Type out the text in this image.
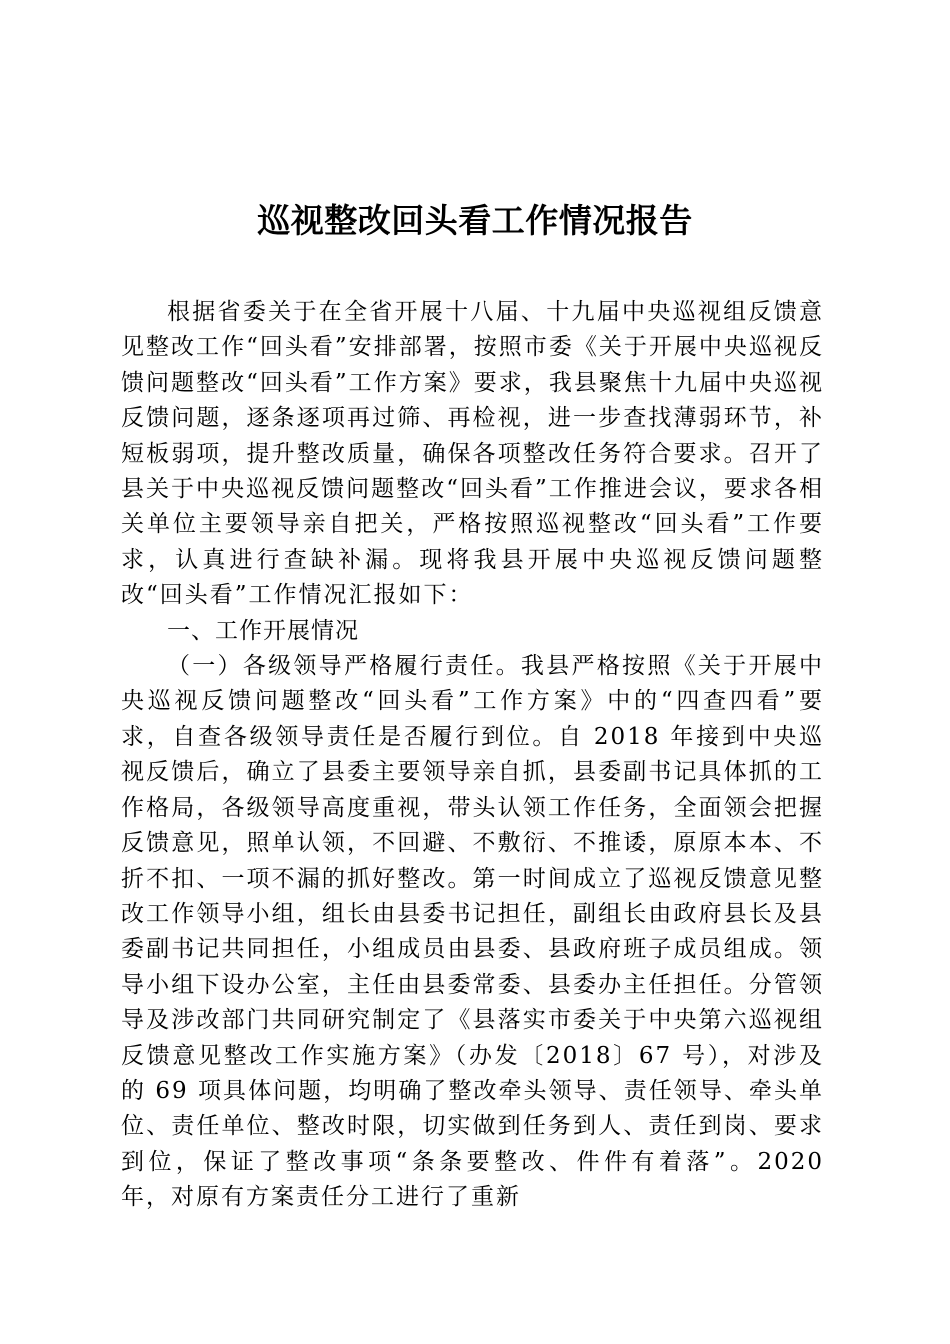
巡视整改回头看工作情况报告

根据省委关于在全省开展十八届、十九届中央巡视组反馈意见整改工作“回头看”安排部署，按照市委《关于开展中央巡视反馈问题整改“回头看”工作方案》要求，我县聚焦十九届中央巡视反馈问题，逐条逐项再过筛、再检视，进一步查找薄弱环节，补短板弱项，提升整改质量，确保各项整改任务符合要求。召开了县关于中央巡视反馈问题整改“回头看”工作推进会议，要求各相关单位主要领导亲自把关，严格按照巡视整改“回头看”工作要求，认真进行查缺补漏。现将我县开展中央巡视反馈问题整改“回头看”工作情况汇报如下：

一、工作开展情况

（一）各级领导严格履行责任。我县严格按照《关于开展中央巡视反馈问题整改“回头看”工作方案》中的“四查四看”要求，自查各级领导责任是否履行到位。自 2018 年接到中央巡视反馈后，确立了县委主要领导亲自抓，县委副书记具体抓的工作格局，各级领导高度重视，带头认领工作任务，全面领会把握反馈意见，照单认领，不回避、不敷衍、不推诿，原原本本、不折不扣、一项不漏的抓好整改。第一时间成立了巡视反馈意见整改工作领导小组，组长由县委书记担任，副组长由政府县长及县委副书记共同担任，小组成员由县委、县政府班子成员组成。领导小组下设办公室，主任由县委常委、县委办主任担任。分管领导及涉改部门共同研究制定了《县落实市委关于中央第六巡视组反馈意见整改工作实施方案》（办发〔2018〕67 号），对涉及的 69 项具体问题，均明确了整改牵头领导、责任领导、牵头单位、责任单位、整改时限，切实做到任务到人、责任到岗、要求到位，保证了整改事项“条条要整改、件件有着落”。2020 年，对原有方案责任分工进行了重新
